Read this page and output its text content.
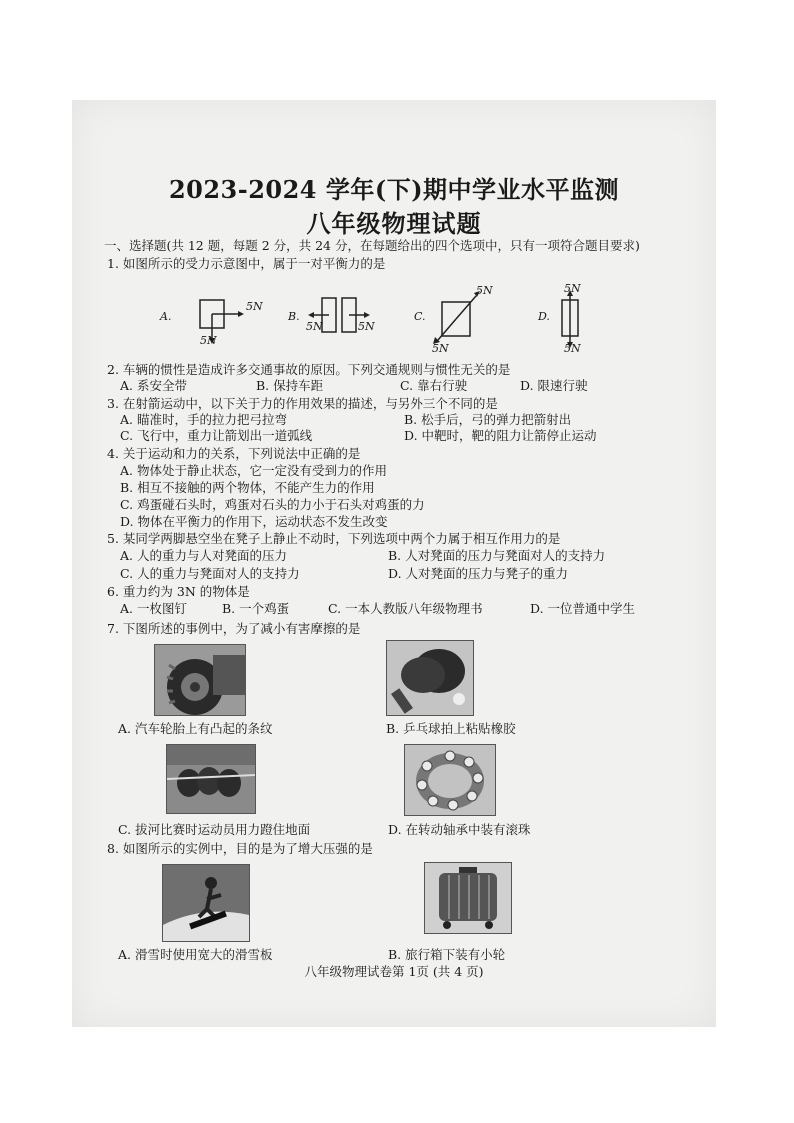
2023-2024 学年(下)期中学业水平监测
八年级物理试题
一、选择题(共 12 题，每题 2 分，共 24 分，在每题给出的四个选项中，只有一项符合题目要求)
1. 如图所示的受力示意图中，属于一对平衡力的是
A.
5N
5N
B.
5N	5N
C.
5N
5N
D.
5N
5N
2. 车辆的惯性是造成许多交通事故的原因。下列交通规则与惯性无关的是
A. 系安全带	B. 保持车距	C. 靠右行驶	D. 限速行驶
3. 在射箭运动中，以下关于力的作用效果的描述，与另外三个不同的是
A. 瞄准时，手的拉力把弓拉弯	B. 松手后，弓的弹力把箭射出
C. 飞行中，重力让箭划出一道弧线	D. 中靶时，靶的阻力让箭停止运动
4. 关于运动和力的关系，下列说法中正确的是
A. 物体处于静止状态，它一定没有受到力的作用
B. 相互不接触的两个物体，不能产生力的作用
C. 鸡蛋碰石头时，鸡蛋对石头的力小于石头对鸡蛋的力
D. 物体在平衡力的作用下，运动状态不发生改变
5. 某同学两脚悬空坐在凳子上静止不动时，下列选项中两个力属于相互作用力的是
A. 人的重力与人对凳面的压力	B. 人对凳面的压力与凳面对人的支持力
C. 人的重力与凳面对人的支持力	D. 人对凳面的压力与凳子的重力
6. 重力约为 3N 的物体是
A. 一枚图钉	B. 一个鸡蛋	C. 一本人教版八年级物理书	D. 一位普通中学生
7. 下图所述的事例中，为了减小有害摩擦的是
A. 汽车轮胎上有凸起的条纹	B. 乒乓球拍上粘贴橡胶
C. 拔河比赛时运动员用力蹬住地面	D. 在转动轴承中装有滚珠
8. 如图所示的实例中，目的是为了增大压强的是
A. 滑雪时使用宽大的滑雪板	B. 旅行箱下装有小轮
八年级物理试卷第 1页 (共 4 页)
